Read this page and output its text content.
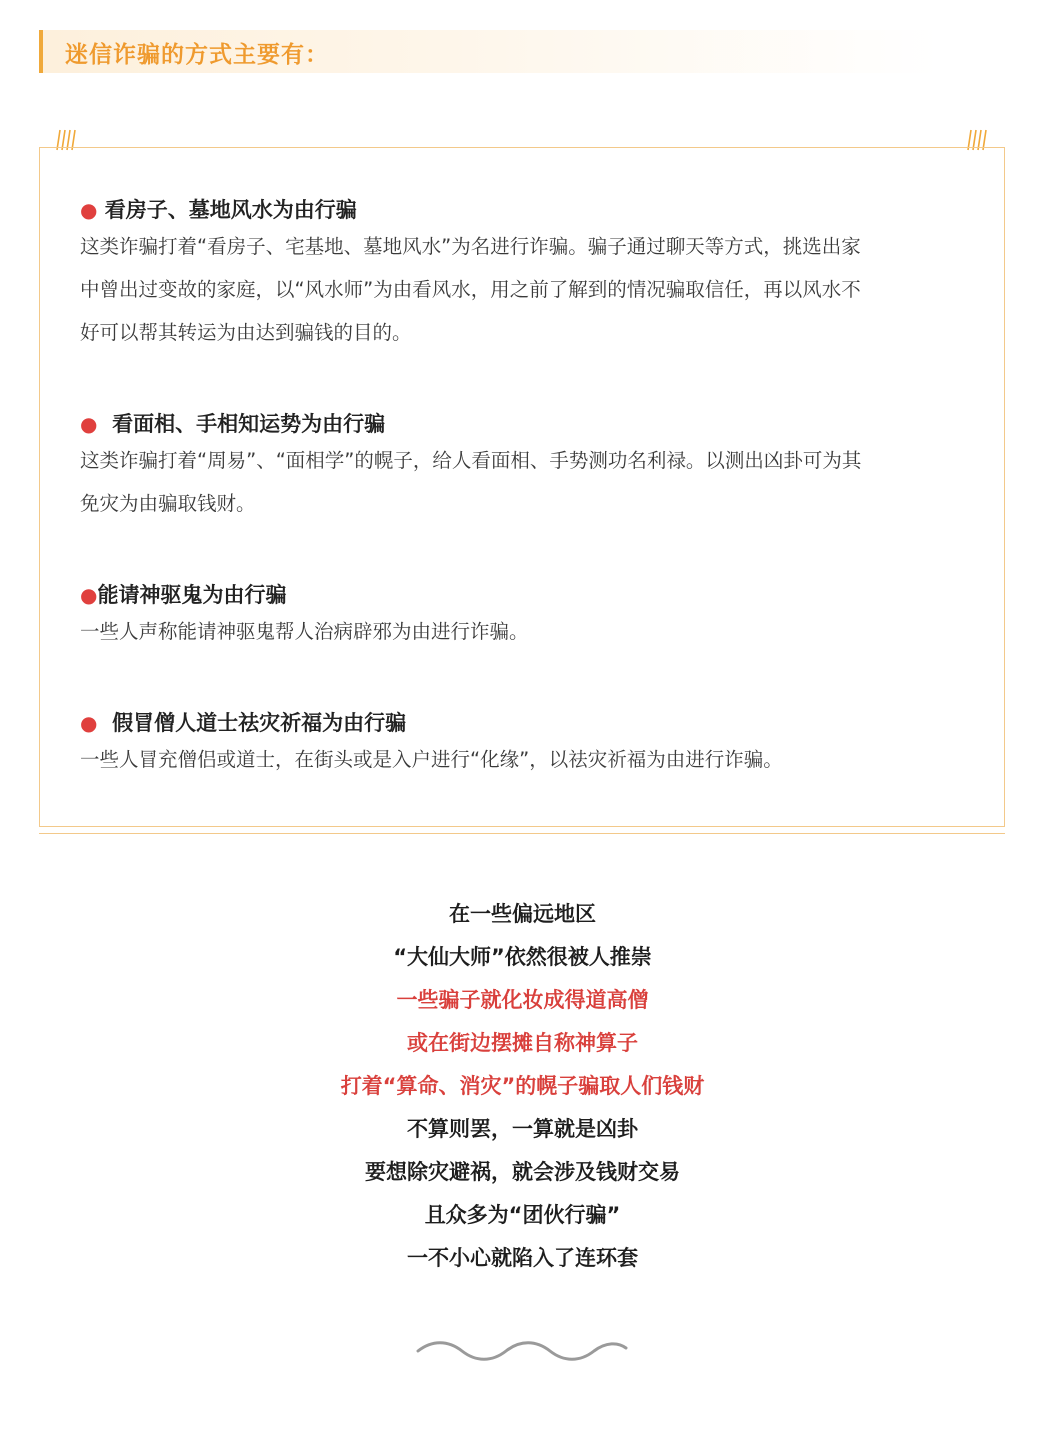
迷信诈骗的方式主要有：
● 看房子、墓地风水为由行骗
这类诈骗打着“看房子、宅基地、墓地风水”为名进行诈骗。骗子通过聊天等方式，挑选出家
中曾出过变故的家庭，以“风水师”为由看风水，用之前了解到的情况骗取信任，再以风水不
好可以帮其转运为由达到骗钱的目的。
● 看面相、手相知运势为由行骗
这类诈骗打着“周易”、“面相学”的幌子，给人看面相、手势测功名利禄。以测出凶卦可为其
免灾为由骗取钱财。
●能请神驱鬼为由行骗
一些人声称能请神驱鬼帮人治病辟邪为由进行诈骗。
● 假冒僧人道士祛灾祈福为由行骗
一些人冒充僧侣或道士，在街头或是入户进行“化缘”，以祛灾祈福为由进行诈骗。
在一些偏远地区
“大仙大师”依然很被人推崇
一些骗子就化妆成得道高僧
或在街边摆摊自称神算子
打着“算命、消灾”的幌子骗取人们钱财
不算则罢，一算就是凶卦
要想除灾避祸，就会涉及钱财交易
且众多为“团伙行骗”
一不小心就陷入了连环套
